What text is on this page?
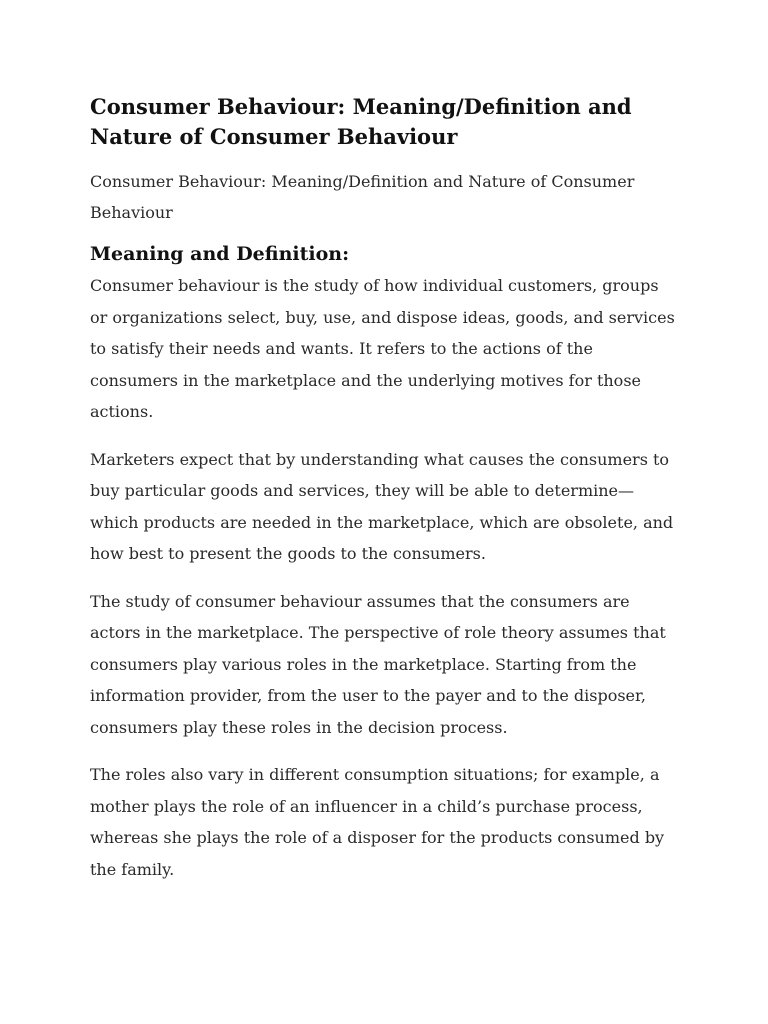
Consumer Behaviour: Meaning/Definition and Nature of Consumer Behaviour

Consumer Behaviour: Meaning/Definition and Nature of Consumer Behaviour

Meaning and Definition:

Consumer behaviour is the study of how individual customers, groups or organizations select, buy, use, and dispose ideas, goods, and services to satisfy their needs and wants. It refers to the actions of the consumers in the marketplace and the underlying motives for those actions.

Marketers expect that by understanding what causes the consumers to buy particular goods and services, they will be able to determine—which products are needed in the marketplace, which are obsolete, and how best to present the goods to the consumers.

The study of consumer behaviour assumes that the consumers are actors in the marketplace. The perspective of role theory assumes that consumers play various roles in the marketplace. Starting from the information provider, from the user to the payer and to the disposer, consumers play these roles in the decision process.

The roles also vary in different consumption situations; for example, a mother plays the role of an influencer in a child’s purchase process, whereas she plays the role of a disposer for the products consumed by the family.
